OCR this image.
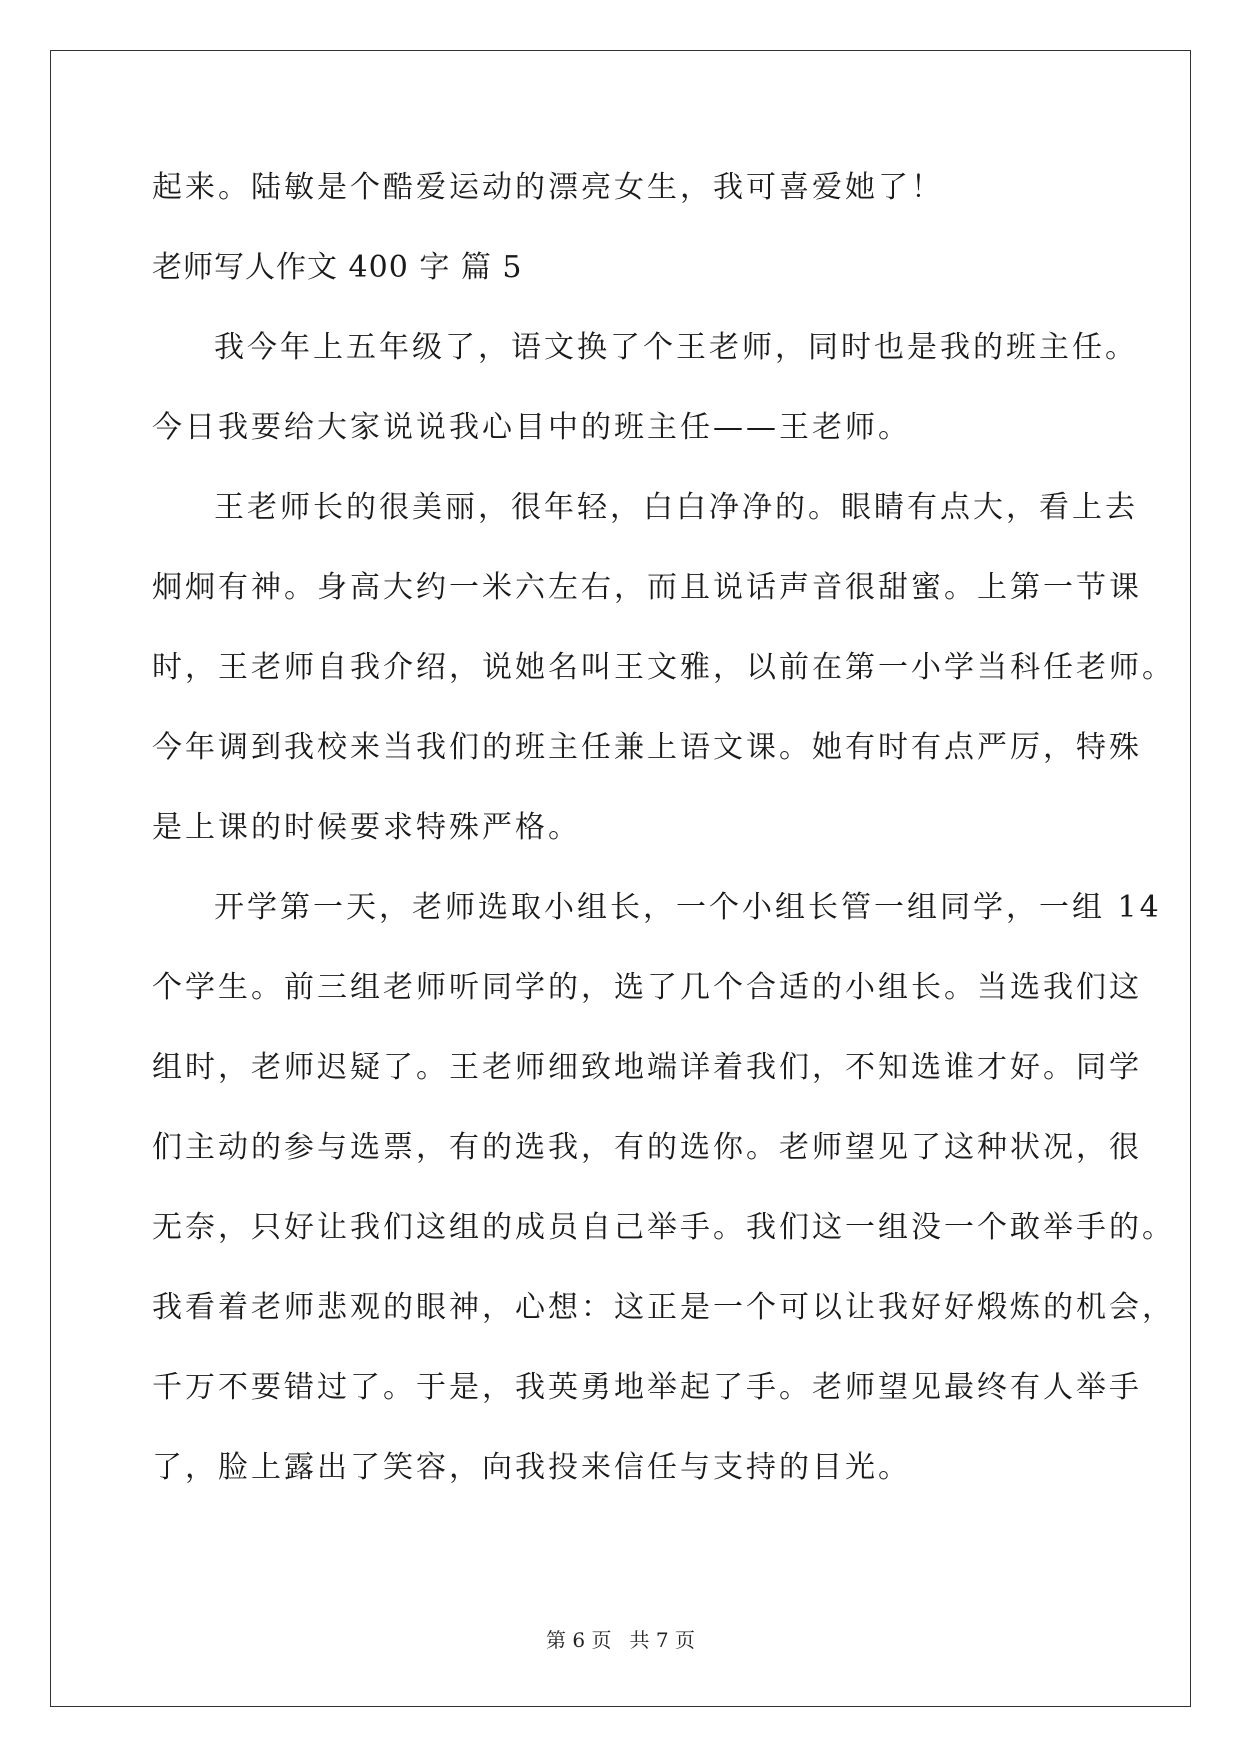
起来。陆敏是个酷爱运动的漂亮女生，我可喜爱她了！
老师写人作文 400 字 篇 5
我今年上五年级了，语文换了个王老师，同时也是我的班主任。
今日我要给大家说说我心目中的班主任——王老师。
王老师长的很美丽，很年轻，白白净净的。眼睛有点大，看上去
炯炯有神。身高大约一米六左右，而且说话声音很甜蜜。上第一节课
时，王老师自我介绍，说她名叫王文雅，以前在第一小学当科任老师。
今年调到我校来当我们的班主任兼上语文课。她有时有点严厉，特殊
是上课的时候要求特殊严格。
开学第一天，老师选取小组长，一个小组长管一组同学，一组 14
个学生。前三组老师听同学的，选了几个合适的小组长。当选我们这
组时，老师迟疑了。王老师细致地端详着我们，不知选谁才好。同学
们主动的参与选票，有的选我，有的选你。老师望见了这种状况，很
无奈，只好让我们这组的成员自己举手。我们这一组没一个敢举手的。
我看着老师悲观的眼神，心想：这正是一个可以让我好好煅炼的机会，
千万不要错过了。于是，我英勇地举起了手。老师望见最终有人举手
了，脸上露出了笑容，向我投来信任与支持的目光。
第 6 页 共 7 页
